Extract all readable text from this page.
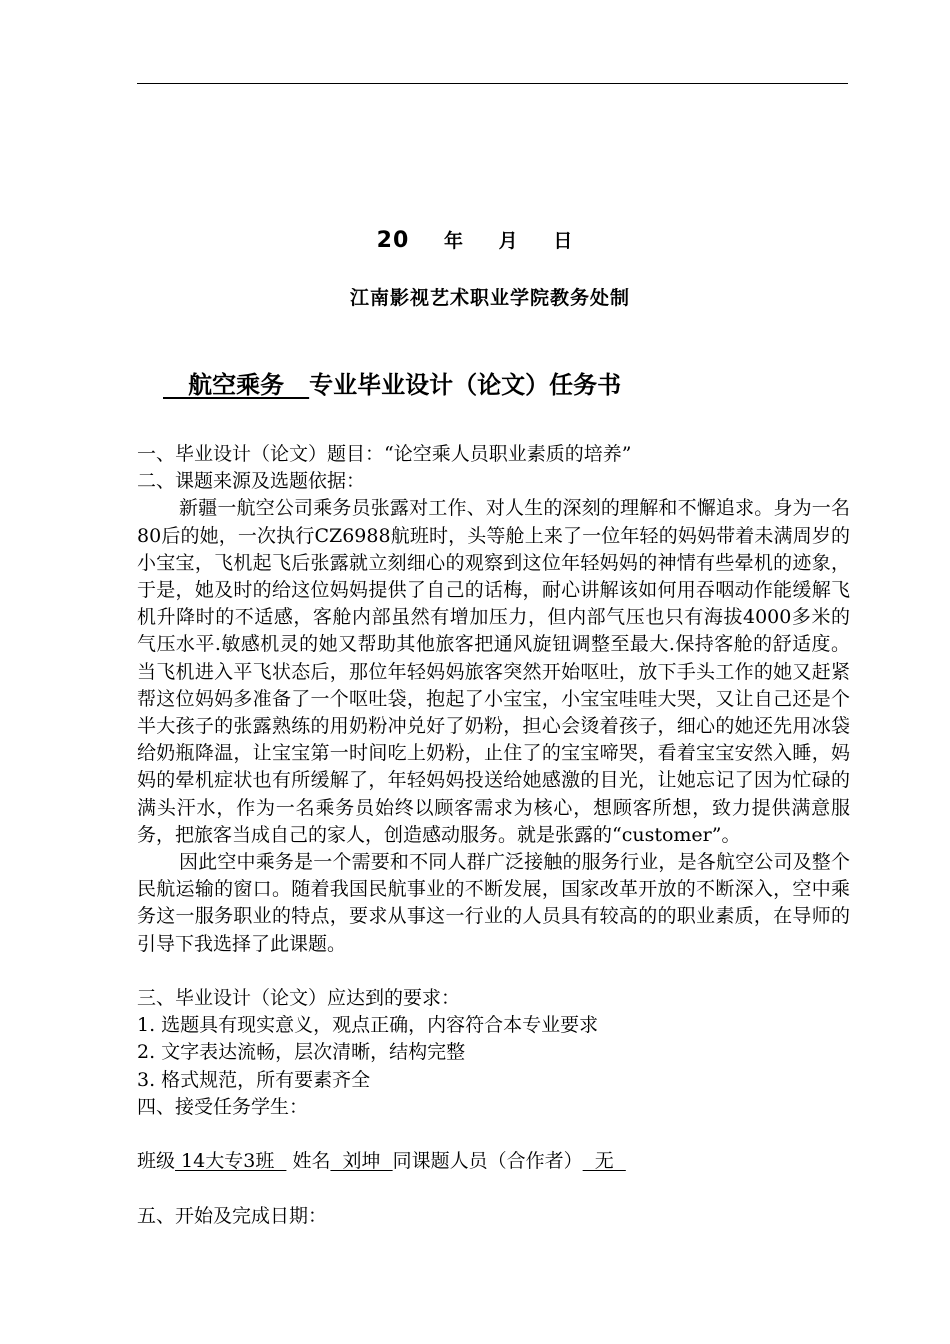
20 年 月 日
江南影视艺术职业学院教务处制
航空乘务   专业毕业设计（论文）任务书

一、毕业设计（论文）题目：“论空乘人员职业素质的培养”

二、课题来源及选题依据：

新疆一航空公司乘务员张露对工作、对人生的深刻的理解和不懈追求。身为一名80后的她，一次执行CZ6988航班时，头等舱上来了一位年轻的妈妈带着未满周岁的小宝宝，飞机起飞后张露就立刻细心的观察到这位年轻妈妈的神情有些晕机的迹象，于是，她及时的给这位妈妈提供了自己的话梅，耐心讲解该如何用吞咽动作能缓解飞机升降时的不适感，客舱内部虽然有增加压力，但内部气压也只有海拔4000多米的气压水平.敏感机灵的她又帮助其他旅客把通风旋钮调整至最大.保持客舱的舒适度。当飞机进入平飞状态后，那位年轻妈妈旅客突然开始呕吐，放下手头工作的她又赶紧帮这位妈妈多准备了一个呕吐袋，抱起了小宝宝，小宝宝哇哇大哭，又让自己还是个半大孩子的张露熟练的用奶粉冲兑好了奶粉，担心会烫着孩子，细心的她还先用冰袋给奶瓶降温，让宝宝第一时间吃上奶粉，止住了的宝宝啼哭，看着宝宝安然入睡，妈妈的晕机症状也有所缓解了，年轻妈妈投送给她感激的目光，让她忘记了因为忙碌的满头汗水，作为一名乘务员始终以顾客需求为核心，想顾客所想，致力提供满意服务，把旅客当成自己的家人，创造感动服务。就是张露的“customer”。

因此空中乘务是一个需要和不同人群广泛接触的服务行业，是各航空公司及整个民航运输的窗口。随着我国民航事业的不断发展，国家改革开放的不断深入，空中乘务这一服务职业的特点，要求从事这一行业的人员具有较高的的职业素质，在导师的引导下我选择了此课题。

三、毕业设计（论文）应达到的要求：

1. 选题具有现实意义，观点正确，内容符合本专业要求

2. 文字表达流畅，层次清晰，结构完整

3. 格式规范，所有要素齐全

四、接受任务学生：

班级 14大专3班   姓名  刘坤  同课题人员（合作者）  无

五、开始及完成日期：
